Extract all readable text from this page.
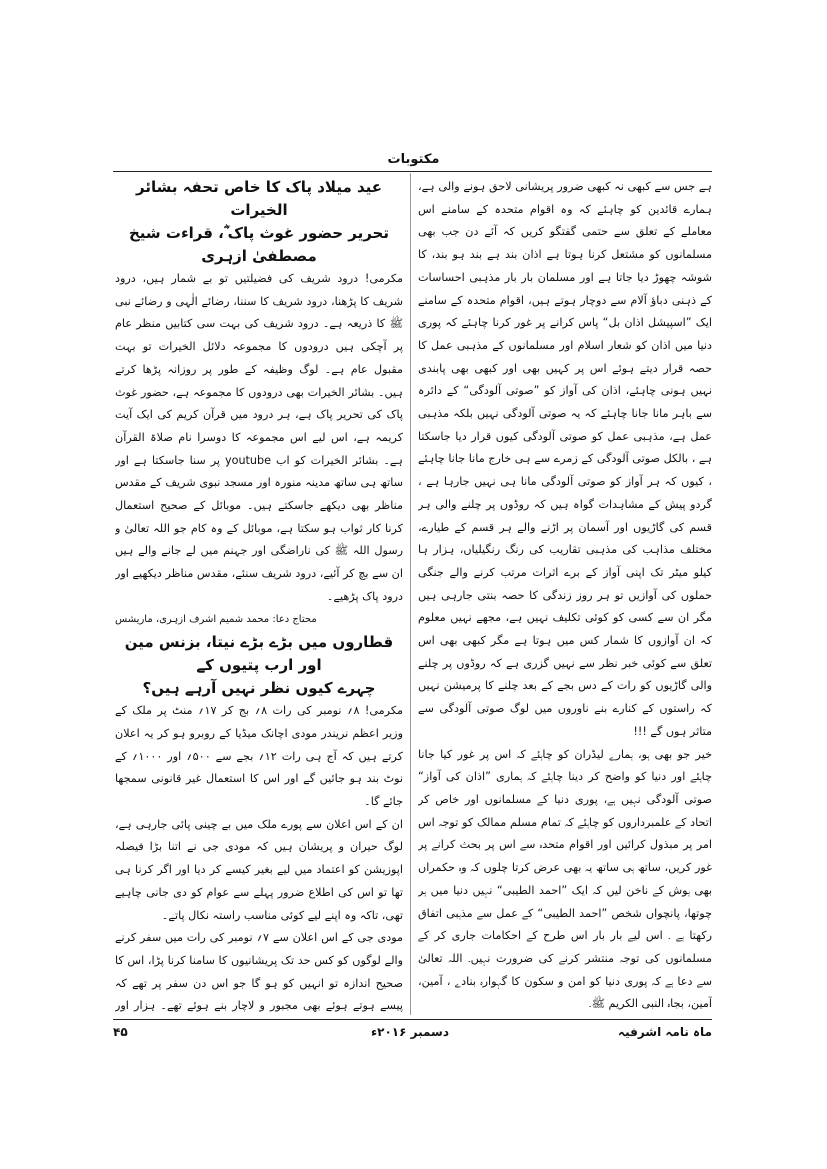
مکتوبات

ہے جس سے کبھی نہ کبھی ضرور پریشانی لاحق ہونے والی ہے، ہمارے قائدین کو چاہئے کہ وہ اقوام متحدہ کے سامنے اس معاملے کے تعلق سے حتمی گفتگو کریں کہ آئے دن جب بھی مسلمانوں کو مشتعل کرنا ہوتا ہے اذان بند ہے بند ہو بند، کا شوشہ چھوڑ دیا جاتا ہے اور مسلمان بار بار مذہبی احساسات کے ذہنی دباؤ آلام سے دوچار ہوتے ہیں، اقوام متحدہ کے سامنے ایک ”اسپیشل اذان بل“ پاس کرانے پر غور کرنا چاہئے کہ پوری دنیا میں اذان کو شعار اسلام اور مسلمانوں کے مذہبی عمل کا حصہ قرار دیتے ہوئے اس پر کہیں بھی اور کبھی بھی پابندی نہیں ہونی چاہئے، اذان کی آواز کو ”صوتی آلودگی“ کے دائرہ سے باہر مانا جانا چاہئے کہ یہ صوتی آلودگی نہیں بلکہ مذہبی عمل ہے، مذہبی عمل کو صوتی آلودگی کیوں قرار دیا جاسکتا ہے ، بالکل صوتی آلودگی کے زمرے سے ہی خارج مانا جانا چاہئے ، کیوں کہ ہر آواز کو صوتی آلودگی مانا ہی نہیں جارہا ہے ، گردو پیش کے مشاہدات گواہ ہیں کہ روڈوں پر چلنے والی ہر قسم کی گاڑیوں اور آسمان پر اڑنے والے ہر قسم کے طیارے، مختلف مذاہب کی مذہبی تقاریب کی رنگ رنگیلیاں، ہزار ہا کیلو میٹر تک اپنی آواز کے برے اثرات مرتب کرنے والے جنگی حملوں کی آوازیں تو ہر روز زندگی کا حصہ بنتی جارہی ہیں مگر ان سے کسی کو کوئی تکلیف نہیں ہے، مجھے نہیں معلوم کہ ان آوازوں کا شمار کس میں ہوتا ہے مگر کبھی بھی اس تعلق سے کوئی خبر نظر سے نہیں گزری ہے کہ روڈوں پر چلنے والی گاڑیوں کو رات کے دس بجے کے بعد چلنے کا پرمیشن نہیں کہ راستوں کے کنارے بنے ناوروں میں لوگ صوتی آلودگی سے متاثر ہوں گے !!!

خیر جو بھی ہو، ہمارے لیڈران کو چاہئے کہ اس پر غور کیا جانا چاہئے اور دنیا کو واضح کر دینا چاہئے کہ ہماری ”اذان کی آواز“ صوتی آلودگی نہیں ہے، پوری دنیا کے مسلمانوں اور خاص کر اتحاد کے علمبرداروں کو چاہئے کہ تمام مسلم ممالک کو توجہ اس امر پر مبذول کرائیں اور اقوام متحدہ سے اس پر بحث کرانے پر غور کریں، ساتھ ہی ساتھ یہ بھی عرض کرتا چلوں کہ وہ حکمراں بھی ہوش کے ناخن لیں کہ ایک ”احمد الطیبی“ نہیں دنیا میں ہر چوتھا، پانچواں شخص ”احمد الطیبی“ کے عمل سے مذہبی اتفاق رکھتا ہے ۔ اس لیے بار بار اس طرح کے احکامات جاری کر کے مسلمانوں کی توجہ منتشر کرنے کی ضرورت نہیں۔ اللہ تعالیٰ سے دعا ہے کہ پوری دنیا کو امن و سکون کا گہوارہ بنادے ، آمین، آمین، بجاہ النبی الکریم ﷺ۔

عید میلاد پاک کا خاص تحفہ بشائر الخیرات

تحریر حضور غوث پاک ؓ، قراءت شیخ مصطفیٰ ازہری

مکرمی! درود شریف کی فضیلتیں تو بے شمار ہیں، درود شریف کا پڑھنا، درود شریف کا سننا، رضائے الٰہی و رضائے نبی ﷺ کا ذریعہ ہے۔ درود شریف کی بہت سی کتابیں منظر عام پر آچکی ہیں درودوں کا مجموعہ دلائل الخیرات تو بہت مقبول عام ہے۔ لوگ وظیفہ کے طور پر روزانہ پڑھا کرتے ہیں۔ بشائر الخیرات بھی درودوں کا مجموعہ ہے، حضور غوث پاک کی تحریر پاک ہے، ہر درود میں قرآن کریم کی ایک آیت کریمہ ہے، اس لیے اس مجموعہ کا دوسرا نام صلاۃ القرآن ہے۔ بشائر الخیرات کو اب youtube پر سنا جاسکتا ہے اور ساتھ ہی ساتھ مدینہ منورہ اور مسجد نبوی شریف کے مقدس مناظر بھی دیکھے جاسکتے ہیں۔ موبائل کے صحیح استعمال کرنا کار ثواب ہو سکتا ہے، موبائل کے وہ کام جو اللہ تعالیٰ و رسول اللہ ﷺ کی ناراضگی اور جہنم میں لے جانے والے ہیں ان سے بچ کر آئیے، درود شریف سنئے، مقدس مناظر دیکھیے اور درود پاک پڑھیے۔

محتاج دعا: محمد شمیم اشرف ازہری، ماریشس

قطاروں میں بڑے بڑے نیتا، بزنس مین اور ارب پتیوں کے

چہرے کیوں نظر نہیں آرہے ہیں؟

مکرمی! ۸؍ نومبر کی رات ۸؍ بج کر ۱۷؍ منٹ پر ملک کے وزیر اعظم نریندر مودی اچانک میڈیا کے روبرو ہو کر یہ اعلان کرتے ہیں کہ آج ہی رات ۱۲؍ بجے سے ۵۰۰؍ اور ۱۰۰۰؍ کے نوٹ بند ہو جائیں گے اور اس کا استعمال غیر قانونی سمجھا جائے گا۔

ان کے اس اعلان سے پورے ملک میں بے چینی پائی جارہی ہے، لوگ حیران و پریشان ہیں کہ مودی جی نے اتنا بڑا فیصلہ اپوزیشن کو اعتماد میں لیے بغیر کیسے کر دیا اور اگر کرنا ہی تھا تو اس کی اطلاع ضرور پہلے سے عوام کو دی جانی چاہیے تھی، تاکہ وہ اپنے لیے کوئی مناسب راستہ نکال پاتے۔

مودی جی کے اس اعلان سے ۷؍ نومبر کی رات میں سفر کرنے والے لوگوں کو کس حد تک پریشانیوں کا سامنا کرنا پڑا، اس کا صحیح اندازہ تو انہیں کو ہو گا جو اس دن سفر پر تھے کہ پیسے ہوتے ہوئے بھی مجبور و لاچار بنے ہوئے تھے۔ ہزار اور

ماہ نامہ اشرفیہ
دسمبر ۲۰۱۶ء
۴۵
